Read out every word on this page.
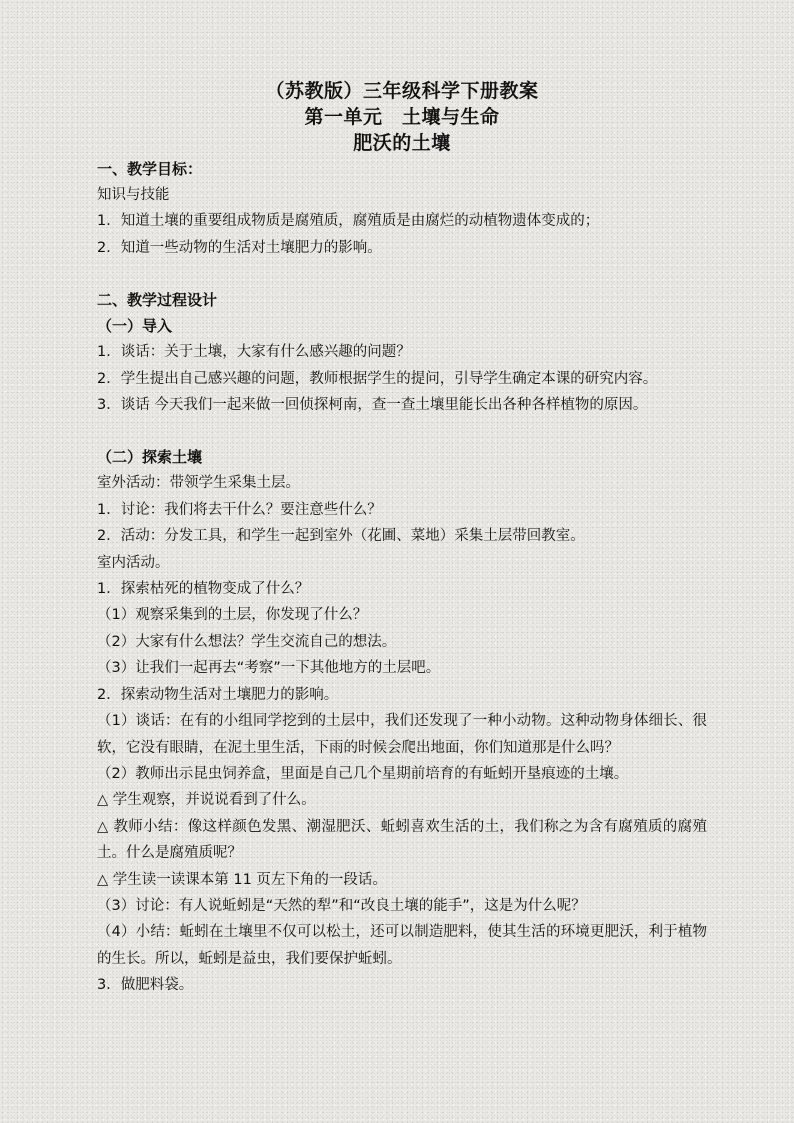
（苏教版）三年级科学下册教案

第一单元　土壤与生命

肥沃的土壤

一、教学目标：

知识与技能

1．知道土壤的重要组成物质是腐殖质，腐殖质是由腐烂的动植物遗体变成的；

2．知道一些动物的生活对土壤肥力的影响。

二、教学过程设计

（一）导入

1．谈话：关于土壤，大家有什么感兴趣的问题？

2．学生提出自己感兴趣的问题，教师根据学生的提问，引导学生确定本课的研究内容。

3．谈话 今天我们一起来做一回侦探柯南，查一查土壤里能长出各种各样植物的原因。

（二）探索土壤

室外活动：带领学生采集土层。

1．讨论：我们将去干什么？要注意些什么？

2．活动：分发工具，和学生一起到室外（花圃、菜地）采集土层带回教室。

室内活动。

1．探索枯死的植物变成了什么？

（1）观察采集到的土层，你发现了什么？

（2）大家有什么想法？学生交流自己的想法。

（3）让我们一起再去“考察”一下其他地方的土层吧。

2．探索动物生活对土壤肥力的影响。

（1）谈话：在有的小组同学挖到的土层中，我们还发现了一种小动物。这种动物身体细长、很软，它没有眼睛，在泥土里生活，下雨的时候会爬出地面，你们知道那是什么吗？

（2）教师出示昆虫饲养盒，里面是自己几个星期前培育的有蚯蚓开垦痕迹的土壤。

△ 学生观察，并说说看到了什么。

△ 教师小结：像这样颜色发黑、潮湿肥沃、蚯蚓喜欢生活的土，我们称之为含有腐殖质的腐殖土。什么是腐殖质呢？

△ 学生读一读课本第 11 页左下角的一段话。

（3）讨论：有人说蚯蚓是“天然的犁”和“改良土壤的能手”，这是为什么呢？

（4）小结：蚯蚓在土壤里不仅可以松土，还可以制造肥料，使其生活的环境更肥沃，利于植物的生长。所以，蚯蚓是益虫，我们要保护蚯蚓。

3．做肥料袋。
